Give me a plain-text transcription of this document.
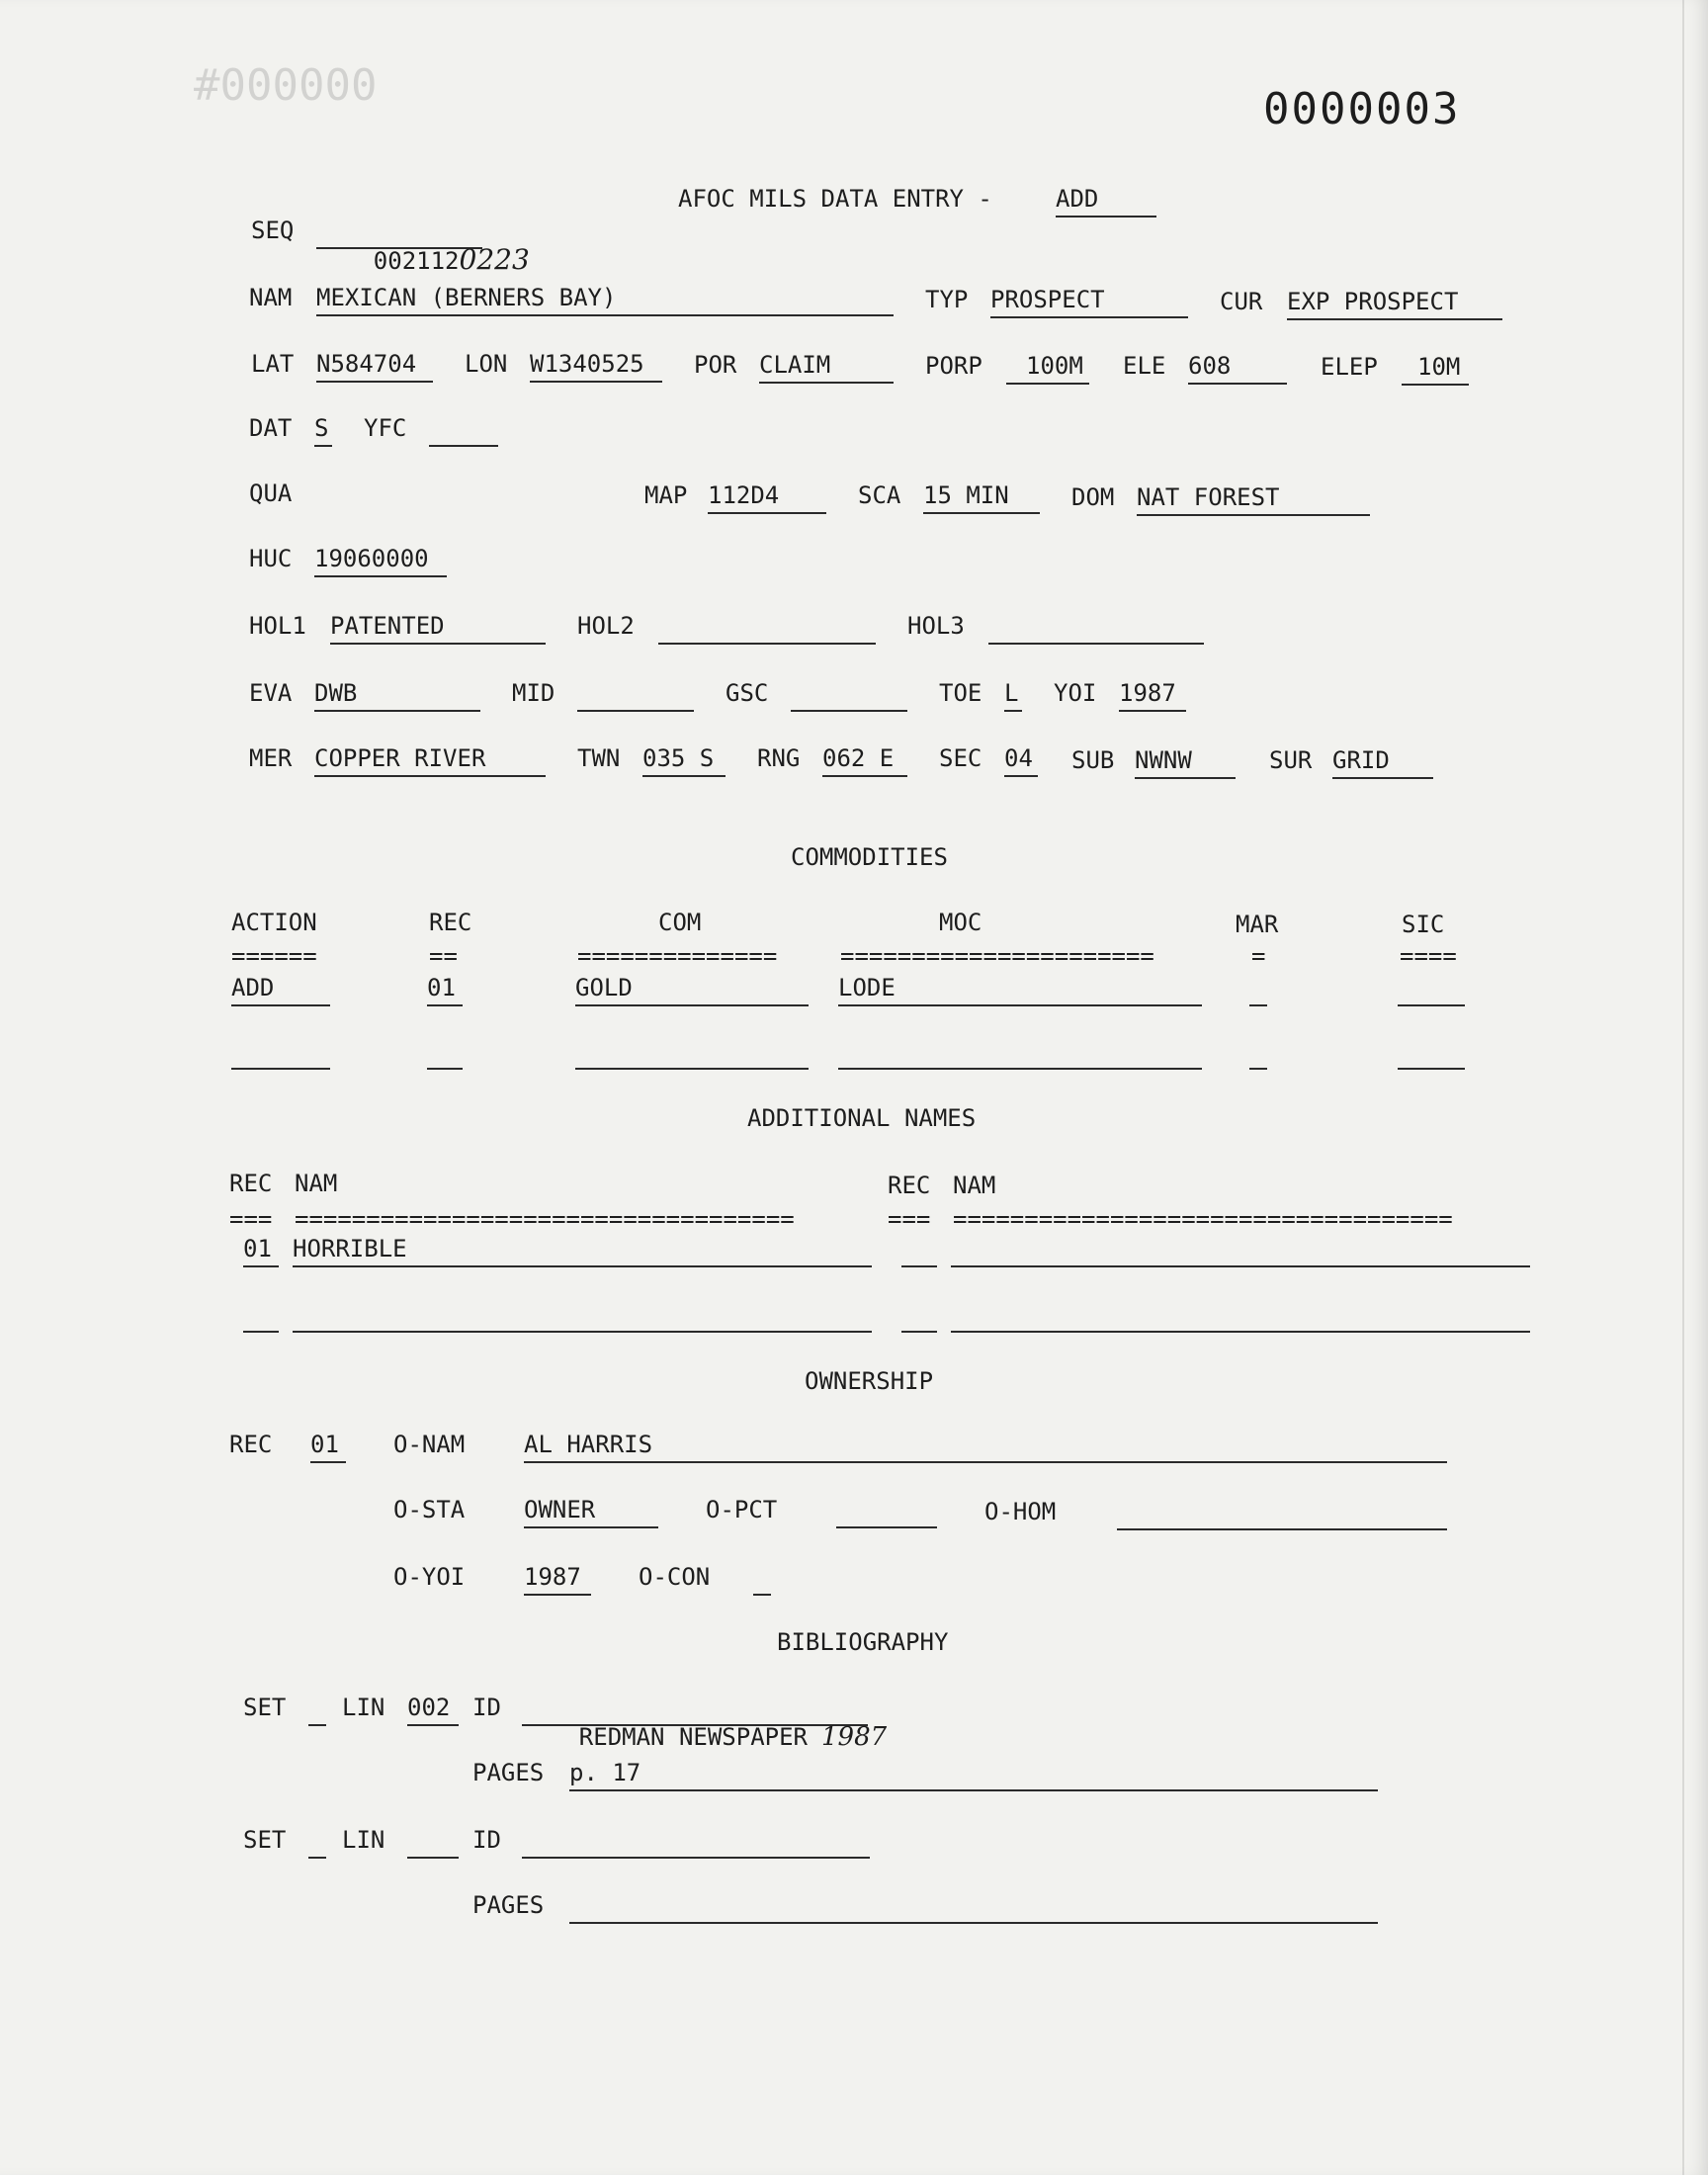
#000000	0000003
AFOC MILS DATA ENTRY -	ADD
SEQ

0021120223

NAM MEXICAN (BERNERS BAY)	TYP PROSPECT	CUR EXP PROSPECT
LAT N584704	LON W1340525	POR CLAIM	PORP	100M ELE 608	ELEP	10M
DAT S YFC
QUA	MAP 112D4	SCA 15 MIN	DOM NAT FOREST
HUC 19060000
HOL1 PATENTED	HOL2	HOL3
EVA DWB	MID	GSC	TOE L YOI 1987
MER COPPER RIVER	TWN 035 S	RNG 062 E	SEC 04 SUB NWNW	SUR GRID
COMMODITIES
ACTION	REC	COM	MOC	MAR	SIC
======	==	==============	======================	=	====
ADD	01	GOLD	LODE
ADDITIONAL NAMES
REC NAM	REC NAM
=== ===================================	=== ===================================
01 HORRIBLE
OWNERSHIP
REC 01 O-NAM AL HARRIS
O-STA OWNER	O-PCT	O-HOM
O-YOI 1987	O-CON
BIBLIOGRAPHY
SET LIN 002 ID

REDMAN NEWSPAPER 1987

PAGES p. 17
SET LIN	ID
PAGES
